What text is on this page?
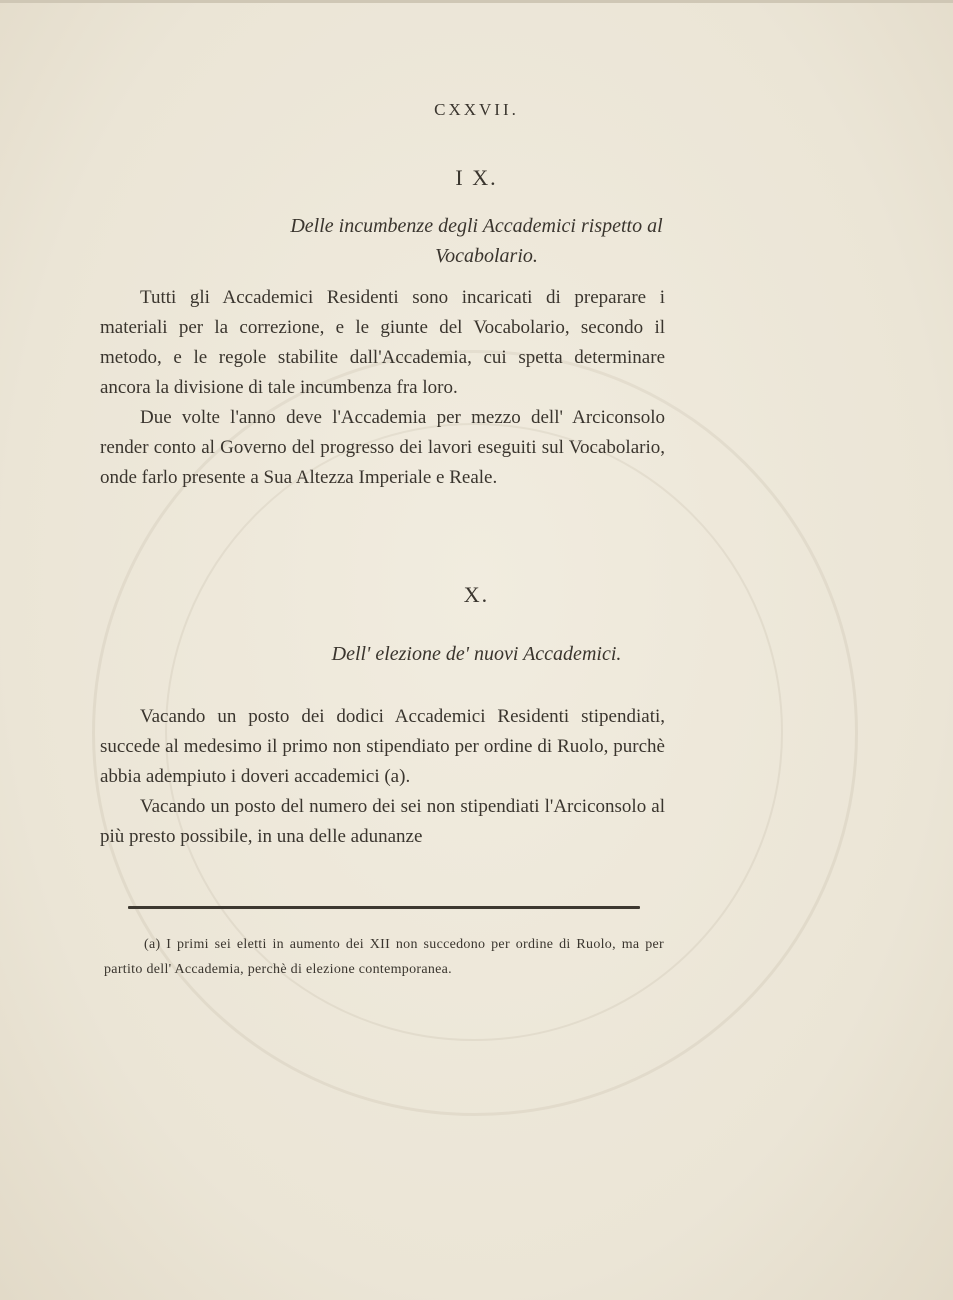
CXXVII.
I X.
Delle incumbenze degli Accademici rispetto al
Vocabolario.

Tutti gli Accademici Residenti sono incaricati di preparare i materiali per la correzione, e le giunte del Vocabolario, secondo il metodo, e le regole stabilite dall'Accademia, cui spetta determinare ancora la divisione di tale incumbenza fra loro.

Due volte l'anno deve l'Accademia per mezzo dell' Arciconsolo render conto al Governo del progresso dei lavori eseguiti sul Vocabolario, onde farlo presente a Sua Altezza Imperiale e Reale.

X.
Dell' elezione de' nuovi Accademici.

Vacando un posto dei dodici Accademici Residenti stipendiati, succede al medesimo il primo non stipendiato per ordine di Ruolo, purchè abbia adempiuto i doveri accademici (a).

Vacando un posto del numero dei sei non stipendiati l'Arciconsolo al più presto possibile, in una delle adunanze

(a) I primi sei eletti in aumento dei XII non succedono per ordine di Ruolo, ma per partito dell' Accademia, perchè di elezione contemporanea.
